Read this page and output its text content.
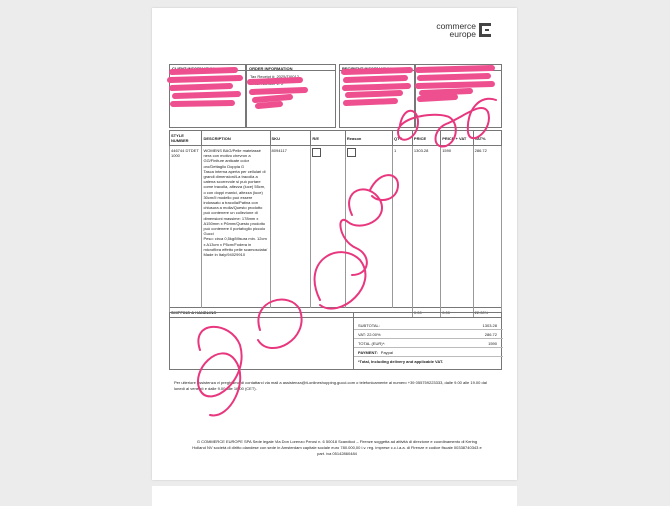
commerce
europe
CLIENT INFORMATION	ORDER INFORMATION
Tax Receipt #: 2025/TI0012
Order Number #: 2
RECIPIENT INFORMATION	RECIPIENT ADDRESS
STYLE NUMBER	DESCRIPTION	SKU	R/E	Reason	QTY	PRICE	PRICE + VAT	VAT%
446744 DTDET 1000	WOMENS BAG/Pelle matelassé nera con motivo chevron a GG/Finiture anticate color oro/Dettaglio Doppia G
Tasca interna aperta per cellulari di grandi dimensioni/La tracolla a catena scorrevole si può portare come tracolla, altezza (luce) 55cm, o con doppi manici, altezza (luce) 30cm/Il modello può essere indossato a tracolla/Patina con chiusura a molla/Questo prodotto può contenere un collezione di dimensioni massime: 178mm x A150mm x P6mm/Questo prodotto può contenere il portafoglio piccolo Gucci
Peso: circa 0,5kg/Misura min. 12cm x A13cm x P5cm/Fodera in microfibra effetto pelle scamosciata/
Made in Italy/94029910	8094117			1	1303.28	1590	286.72
SHIPPING & HANDLING						0.00	0.00	22.00%
SUBTOTAL:	1303.28
VAT: 22.00%	286.72
TOTAL (EUR)*:	1590
PAYMENT: Paypal
*Total, Including delivery and applicable VAT.
Per ulteriore assistenza vi preghiamo di contattarci via mail a assistenza@it-onlineshopping.gucci.com o telefonicamente al numero +39 055759223333, dalle 9.00 alle 19.00 dal lunedì al venerdì e dalle 9.00 alle 18.00 (CET).
G COMMERCE EUROPE SPA Sede legale Via Don Lorenzo Perosi n. 6 50018 Scandicci – Firenze soggetta ad attività di direzione e coordinamento di Kering Holland NV società di diritto olandese con sede in Amsterdam capitale sociale euro 780.000,00 i.v. reg. imprese c.c.i.a.a. di Firenze e codice fiscale 00338740343 e part. iva 05142860484
